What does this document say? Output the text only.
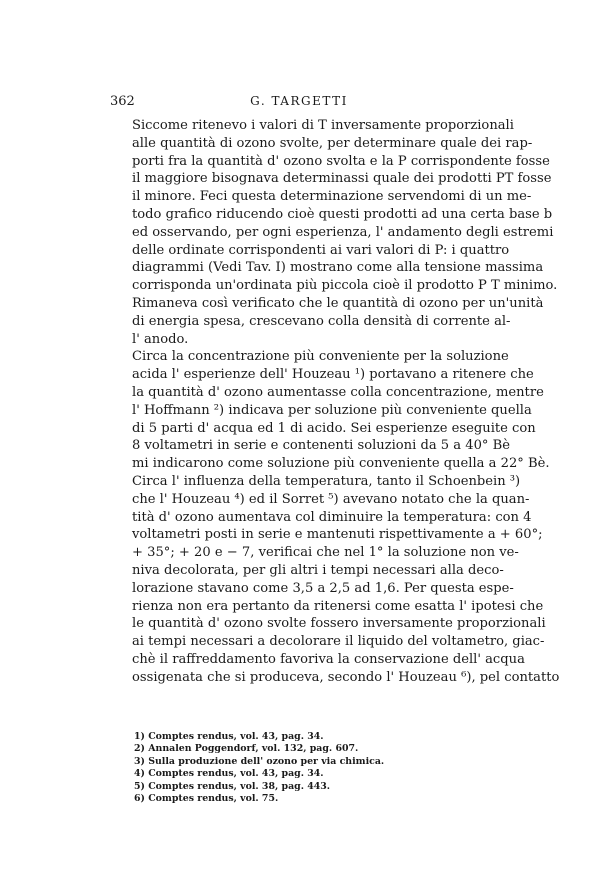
362	G. TARGETTI

Siccome ritenevo i valori di T inversamente proporzionali
alle quantità di ozono svolte, per determinare quale dei rap-
porti fra la quantità d' ozono svolta e la P corrispondente fosse
il maggiore bisognava determinassi quale dei prodotti PT fosse
il minore. Feci questa determinazione servendomi di un me-
todo grafico riducendo cioè questi prodotti ad una certa base b
ed osservando, per ogni esperienza, l' andamento degli estremi
delle ordinate corrispondenti ai vari valori di P: i quattro
diagrammi (Vedi Tav. I) mostrano come alla tensione massima
corrisponda un'ordinata più piccola cioè il prodotto P T minimo.
Rimaneva così verificato che le quantità di ozono per un'unità
di energia spesa, crescevano colla densità di corrente al-
l' anodo.

Circa la concentrazione più conveniente per la soluzione
acida l' esperienze dell' Houzeau ¹) portavano a ritenere che
la quantità d' ozono aumentasse colla concentrazione, mentre
l' Hoffmann ²) indicava per soluzione più conveniente quella
di 5 parti d' acqua ed 1 di acido. Sei esperienze eseguite con
8 voltametri in serie e contenenti soluzioni da 5 a 40° Bè
mi indicarono come soluzione più conveniente quella a 22° Bè.

Circa l' influenza della temperatura, tanto il Schoenbein ³)
che l' Houzeau ⁴) ed il Sorret ⁵) avevano notato che la quan-
tità d' ozono aumentava col diminuire la temperatura: con 4
voltametri posti in serie e mantenuti rispettivamente a + 60°;
+ 35°; + 20 e − 7, verificai che nel 1° la soluzione non ve-
niva decolorata, per gli altri i tempi necessari alla deco-
lorazione stavano come 3,5 a 2,5 ad 1,6. Per questa espe-
rienza non era pertanto da ritenersi come esatta l' ipotesi che
le quantità d' ozono svolte fossero inversamente proporzionali
ai tempi necessari a decolorare il liquido del voltametro, giac-
chè il raffreddamento favoriva la conservazione dell' acqua
ossigenata che si produceva, secondo l' Houzeau ⁶), pel contatto

1) Comptes rendus, vol. 43, pag. 34.
2) Annalen Poggendorf, vol. 132, pag. 607.
3) Sulla produzione dell' ozono per via chimica.
4) Comptes rendus, vol. 43, pag. 34.
5) Comptes rendus, vol. 38, pag. 443.
6) Comptes rendus, vol. 75.
